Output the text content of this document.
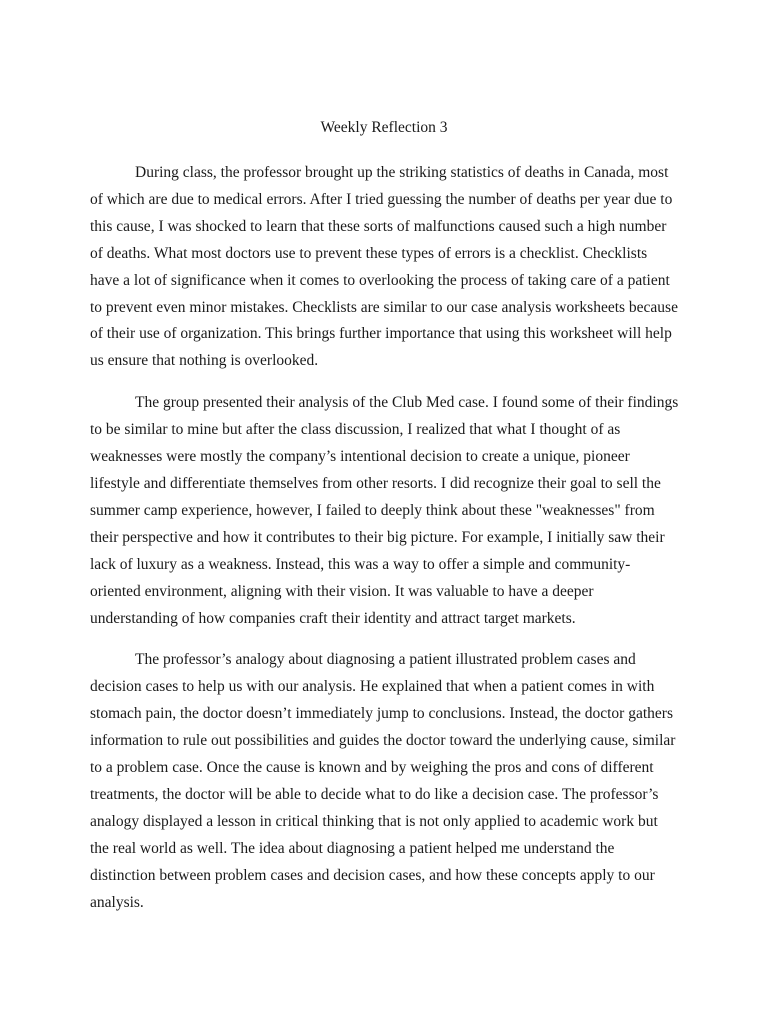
Weekly Reflection 3

During class, the professor brought up the striking statistics of deaths in Canada, most of which are due to medical errors. After I tried guessing the number of deaths per year due to this cause, I was shocked to learn that these sorts of malfunctions caused such a high number of deaths. What most doctors use to prevent these types of errors is a checklist. Checklists have a lot of significance when it comes to overlooking the process of taking care of a patient to prevent even minor mistakes. Checklists are similar to our case analysis worksheets because of their use of organization. This brings further importance that using this worksheet will help us ensure that nothing is overlooked.

The group presented their analysis of the Club Med case. I found some of their findings to be similar to mine but after the class discussion, I realized that what I thought of as weaknesses were mostly the company’s intentional decision to create a unique, pioneer lifestyle and differentiate themselves from other resorts. I did recognize their goal to sell the summer camp experience, however, I failed to deeply think about these "weaknesses" from their perspective and how it contributes to their big picture. For example, I initially saw their lack of luxury as a weakness. Instead, this was a way to offer a simple and community-oriented environment, aligning with their vision. It was valuable to have a deeper understanding of how companies craft their identity and attract target markets.

The professor’s analogy about diagnosing a patient illustrated problem cases and decision cases to help us with our analysis. He explained that when a patient comes in with stomach pain, the doctor doesn’t immediately jump to conclusions. Instead, the doctor gathers information to rule out possibilities and guides the doctor toward the underlying cause, similar to a problem case. Once the cause is known and by weighing the pros and cons of different treatments, the doctor will be able to decide what to do like a decision case. The professor’s analogy displayed a lesson in critical thinking that is not only applied to academic work but the real world as well. The idea about diagnosing a patient helped me understand the distinction between problem cases and decision cases, and how these concepts apply to our analysis.
